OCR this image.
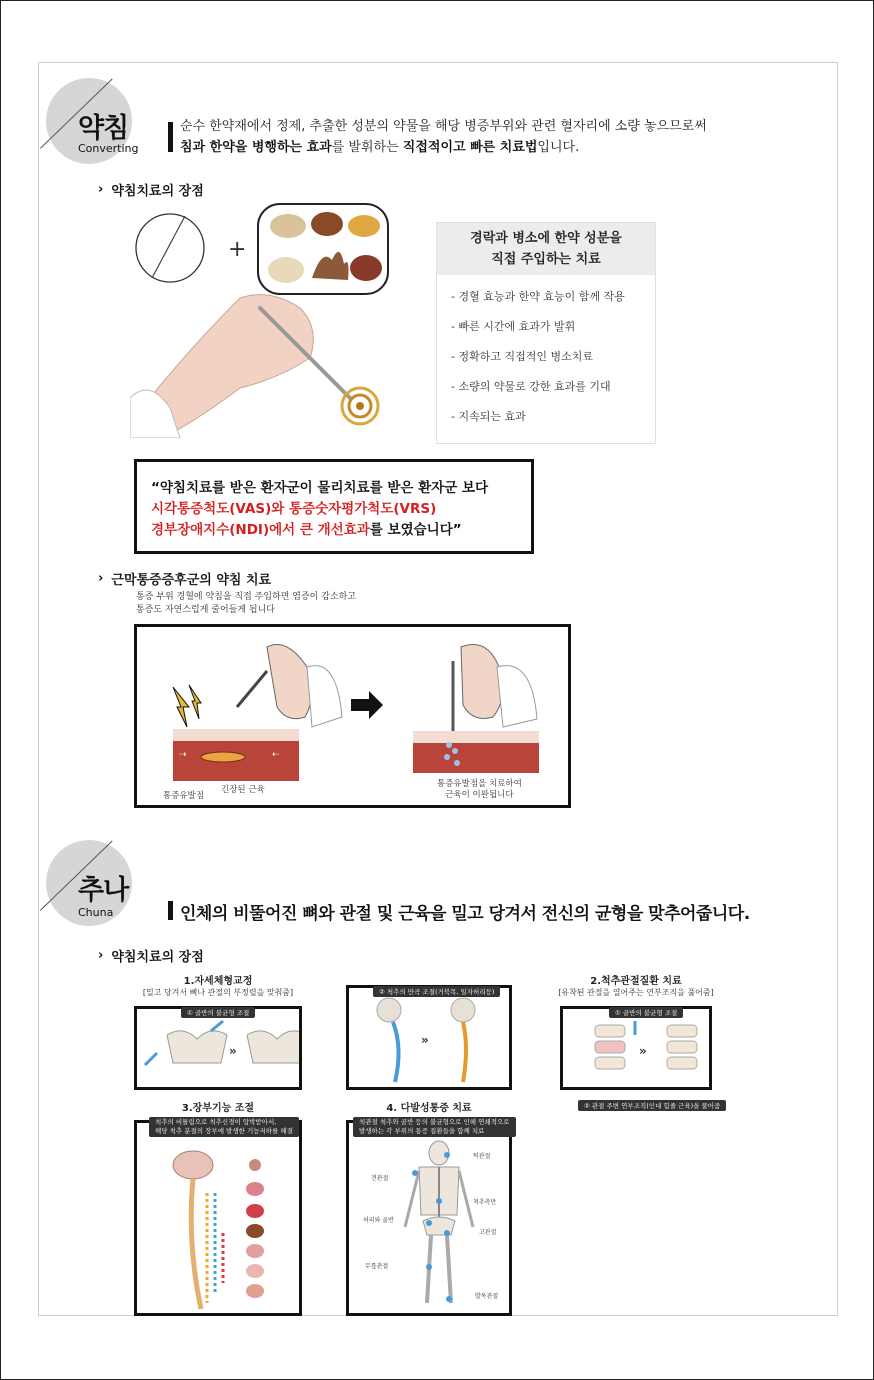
약침
Converting
순수 한약재에서 정제, 추출한 성분의 약물을 해당 병증부위와 관련 혈자리에 소량 놓으므로써
침과 한약을 병행하는 효과를 발휘하는 직접적이고 빠른 치료법입니다.
› 약침치료의 장점
+	경락과 병소에 한약 성분을
직접 주입하는 치료
- 경혈 효능과 한약 효능이 함께 작용
- 빠른 시간에 효과가 발휘
- 정확하고 직접적인 병소치료
- 소량의 약물로 강한 효과를 기대
- 지속되는 효과
“약침치료를 받은 환자군이 물리치료를 받은 환자군 보다
시각통증척도(VAS)와 통증숫자평가척도(VRS)
경부장애지수(NDI)에서 큰 개선효과를 보였습니다”
› 근막통증증후군의 약침 치료
통증 부위 경혈에 약침을 직접 주입하면 염증이 감소하고
통증도 자연스럽게 줄어들게 됩니다
⇢	⇠
통증유발점
긴장된 근육
통증유발점을 치료하여
근육이 이완됩니다
추나
Chuna	인체의 비뚤어진 뼈와 관절 및 근육을 밀고 당겨서 전신의 균형을 맞추어줍니다.
› 약침치료의 장점
1.자세체형교정
[밀고 당겨서 뼈나 관절의 부정렬을 맞춰줌]
① 골반의 불균형 조절
»
② 척추의 만곡 조절(거북목, 일자허리등)
»
2.척추관절질환 치료
[유착된 관절을 열어주는 연부조직을 풀어줌]
① 골반의 불균형 조절
»
② 관절 주변 연부조직(인대 힘줄 근육)을 풀어줌
3.장부기능 조절
척추의 비틀림으로 척추신경이 압박받아서,
해당 척추 분절의 장부에 발생한 기능저하를 해결
4. 다발성통증 치료
척관절 척추와 골반 등의 불균형으로 인해 연쇄적으로
발생하는 각 부위의 통증 질환들을 함께 치료
턱관절
견관절
척추측만
허리와 골반
고관절
무릎관절
발목관절
